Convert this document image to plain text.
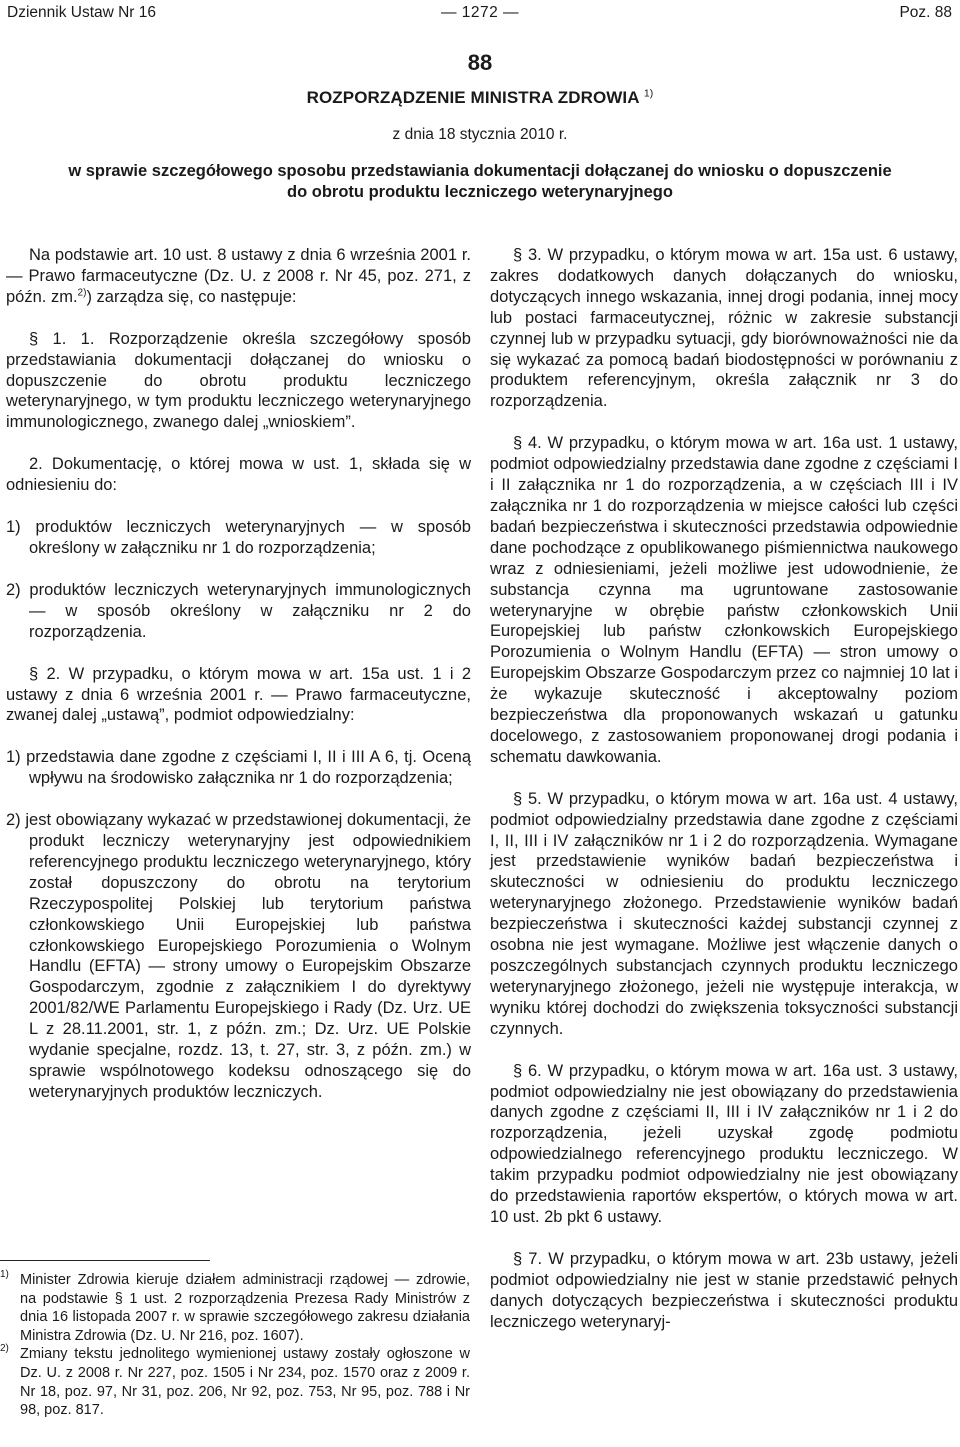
Dziennik Ustaw Nr 16	— 1272 —	Poz. 88
88
ROZPORZĄDZENIE MINISTRA ZDROWIA $^{1)}$
z dnia 18 stycznia 2010 r.
w sprawie szczegółowego sposobu przedstawiania dokumentacji dołączanej do wniosku o dopuszczenie
do obrotu produktu leczniczego weterynaryjnego

Na podstawie art. 10 ust. 8 ustawy z dnia 6 września 2001 r. — Prawo farmaceutyczne (Dz. U. z 2008 r. Nr 45, poz. 271, z późn. zm.$^{2)}$) zarządza się, co następuje:

§ 1. 1. Rozporządzenie określa szczegółowy sposób przedstawiania dokumentacji dołączanej do wniosku o dopuszczenie do obrotu produktu leczniczego weterynaryjnego, w tym produktu leczniczego weterynaryjnego immunologicznego, zwanego dalej „wnioskiem”.

2. Dokumentację, o której mowa w ust. 1, składa się w odniesieniu do:

1) produktów leczniczych weterynaryjnych — w sposób określony w załączniku nr 1 do rozporządzenia;

2) produktów leczniczych weterynaryjnych immunologicznych — w sposób określony w załączniku nr 2 do rozporządzenia.

§ 2. W przypadku, o którym mowa w art. 15a ust. 1 i 2 ustawy z dnia 6 września 2001 r. — Prawo farmaceutyczne, zwanej dalej „ustawą”, podmiot odpowiedzialny:

1) przedstawia dane zgodne z częściami I, II i III A 6, tj. Oceną wpływu na środowisko załącznika nr 1 do rozporządzenia;

2) jest obowiązany wykazać w przedstawionej dokumentacji, że produkt leczniczy weterynaryjny jest odpowiednikiem referencyjnego produktu leczniczego weterynaryjnego, który został dopuszczony do obrotu na terytorium Rzeczypospolitej Polskiej lub terytorium państwa członkowskiego Unii Europejskiej lub państwa członkowskiego Europejskiego Porozumienia o Wolnym Handlu (EFTA) — strony umowy o Europejskim Obszarze Gospodarczym, zgodnie z załącznikiem I do dyrektywy 2001/82/WE Parlamentu Europejskiego i Rady (Dz. Urz. UE L z 28.11.2001, str. 1, z późn. zm.; Dz. Urz. UE Polskie wydanie specjalne, rozdz. 13, t. 27, str. 3, z późn. zm.) w sprawie wspólnotowego kodeksu odnoszącego się do weterynaryjnych produktów leczniczych.

1) Minister Zdrowia kieruje działem administracji rządowej — zdrowie, na podstawie § 1 ust. 2 rozporządzenia Prezesa Rady Ministrów z dnia 16 listopada 2007 r. w sprawie szczegółowego zakresu działania Ministra Zdrowia (Dz. U. Nr 216, poz. 1607).
2) Zmiany tekstu jednolitego wymienionej ustawy zostały ogłoszone w Dz. U. z 2008 r. Nr 227, poz. 1505 i Nr 234, poz. 1570 oraz z 2009 r. Nr 18, poz. 97, Nr 31, poz. 206, Nr 92, poz. 753, Nr 95, poz. 788 i Nr 98, poz. 817.

§ 3. W przypadku, o którym mowa w art. 15a ust. 6 ustawy, zakres dodatkowych danych dołączanych do wniosku, dotyczących innego wskazania, innej drogi podania, innej mocy lub postaci farmaceutycznej, różnic w zakresie substancji czynnej lub w przypadku sytuacji, gdy biorównoważności nie da się wykazać za pomocą badań biodostępności w porównaniu z produktem referencyjnym, określa załącznik nr 3 do rozporządzenia.

§ 4. W przypadku, o którym mowa w art. 16a ust. 1 ustawy, podmiot odpowiedzialny przedstawia dane zgodne z częściami I i II załącznika nr 1 do rozporządzenia, a w częściach III i IV załącznika nr 1 do rozporządzenia w miejsce całości lub części badań bezpieczeństwa i skuteczności przedstawia odpowiednie dane pochodzące z opublikowanego piśmiennictwa naukowego wraz z odniesieniami, jeżeli możliwe jest udowodnienie, że substancja czynna ma ugruntowane zastosowanie weterynaryjne w obrębie państw członkowskich Unii Europejskiej lub państw członkowskich Europejskiego Porozumienia o Wolnym Handlu (EFTA) — stron umowy o Europejskim Obszarze Gospodarczym przez co najmniej 10 lat i że wykazuje skuteczność i akceptowalny poziom bezpieczeństwa dla proponowanych wskazań u gatunku docelowego, z zastosowaniem proponowanej drogi podania i schematu dawkowania.

§ 5. W przypadku, o którym mowa w art. 16a ust. 4 ustawy, podmiot odpowiedzialny przedstawia dane zgodne z częściami I, II, III i IV załączników nr 1 i 2 do rozporządzenia. Wymagane jest przedstawienie wyników badań bezpieczeństwa i skuteczności w odniesieniu do produktu leczniczego weterynaryjnego złożonego. Przedstawienie wyników badań bezpieczeństwa i skuteczności każdej substancji czynnej z osobna nie jest wymagane. Możliwe jest włączenie danych o poszczególnych substancjach czynnych produktu leczniczego weterynaryjnego złożonego, jeżeli nie występuje interakcja, w wyniku której dochodzi do zwiększenia toksyczności substancji czynnych.

§ 6. W przypadku, o którym mowa w art. 16a ust. 3 ustawy, podmiot odpowiedzialny nie jest obowiązany do przedstawienia danych zgodne z częściami II, III i IV załączników nr 1 i 2 do rozporządzenia, jeżeli uzyskał zgodę podmiotu odpowiedzialnego referencyjnego produktu leczniczego. W takim przypadku podmiot odpowiedzialny nie jest obowiązany do przedstawienia raportów ekspertów, o których mowa w art. 10 ust. 2b pkt 6 ustawy.

§ 7. W przypadku, o którym mowa w art. 23b ustawy, jeżeli podmiot odpowiedzialny nie jest w stanie przedstawić pełnych danych dotyczących bezpieczeństwa i skuteczności produktu leczniczego weterynaryj-
